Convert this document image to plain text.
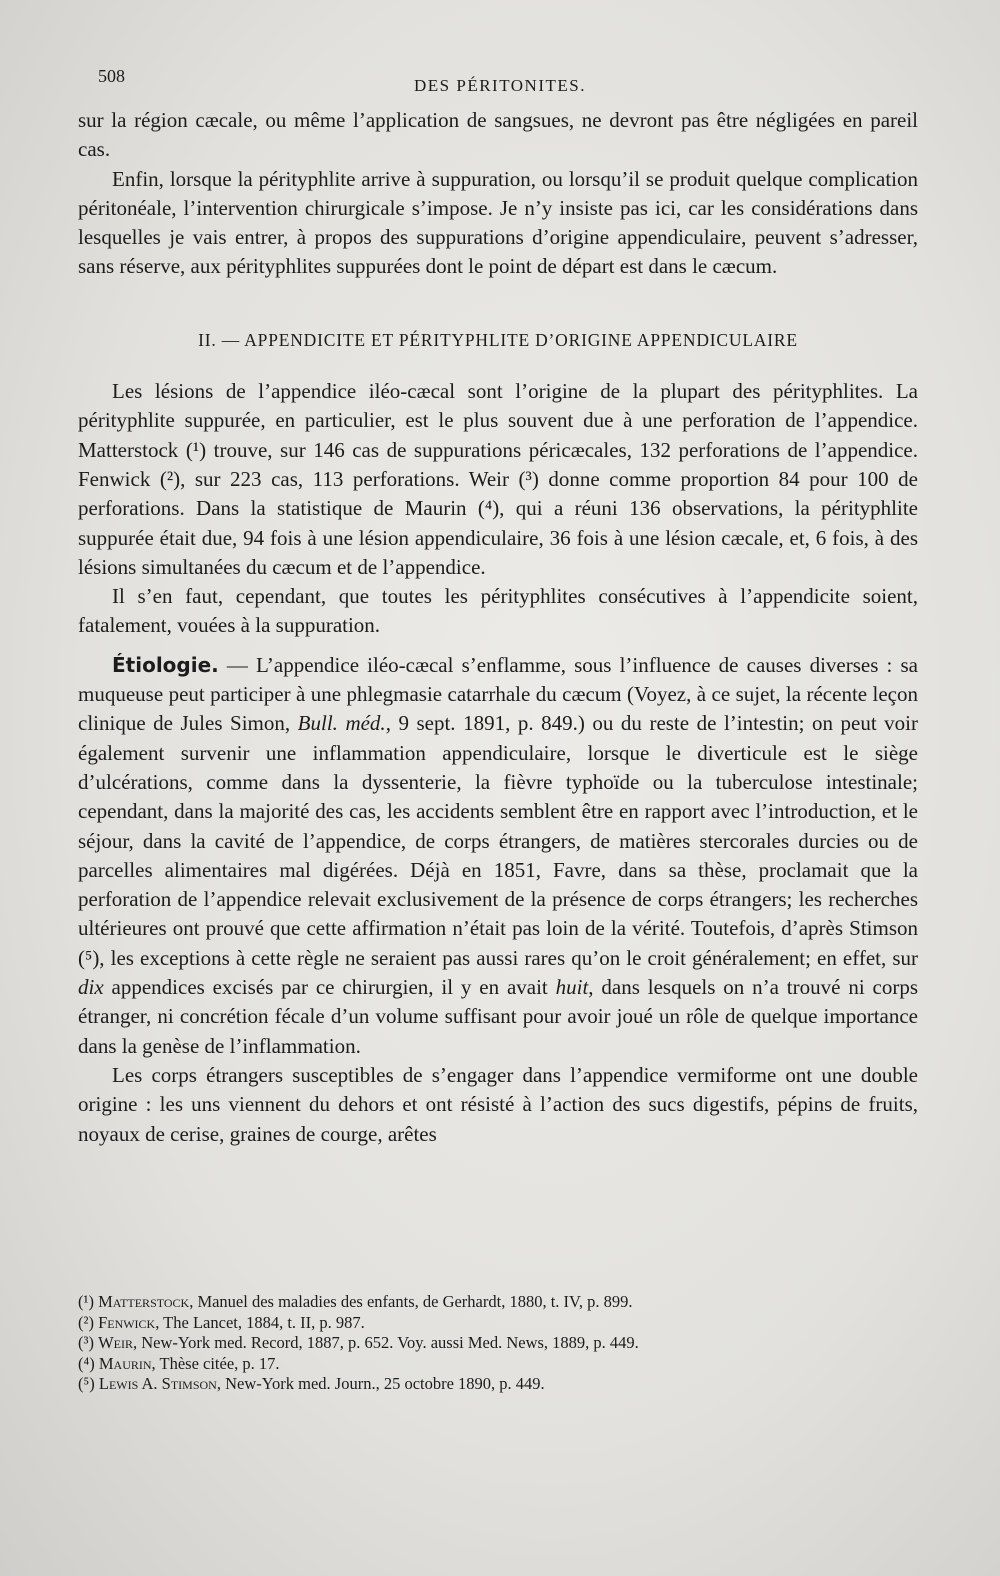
508	DES PÉRITONITES.

sur la région cæcale, ou même l’application de sangsues, ne devront pas être négligées en pareil cas.

Enfin, lorsque la pérityphlite arrive à suppuration, ou lorsqu’il se produit quelque complication péritonéale, l’intervention chirurgicale s’impose. Je n’y insiste pas ici, car les considérations dans lesquelles je vais entrer, à propos des suppurations d’origine appendiculaire, peuvent s’adresser, sans réserve, aux pérityphlites suppurées dont le point de départ est dans le cæcum.

II. — APPENDICITE ET PÉRITYPHLITE D’ORIGINE APPENDICULAIRE

Les lésions de l’appendice iléo-cæcal sont l’origine de la plupart des pérityphlites. La pérityphlite suppurée, en particulier, est le plus souvent due à une perforation de l’appendice. Matterstock (¹) trouve, sur 146 cas de suppurations péricæcales, 132 perforations de l’appendice. Fenwick (²), sur 223 cas, 113 perforations. Weir (³) donne comme proportion 84 pour 100 de perforations. Dans la statistique de Maurin (⁴), qui a réuni 136 observations, la pérityphlite suppurée était due, 94 fois à une lésion appendiculaire, 36 fois à une lésion cæcale, et, 6 fois, à des lésions simultanées du cæcum et de l’appendice.

Il s’en faut, cependant, que toutes les pérityphlites consécutives à l’appendicite soient, fatalement, vouées à la suppuration.

Étiologie. — L’appendice iléo-cæcal s’enflamme, sous l’influence de causes diverses : sa muqueuse peut participer à une phlegmasie catarrhale du cæcum (Voyez, à ce sujet, la récente leçon clinique de Jules Simon, Bull. méd., 9 sept. 1891, p. 849.) ou du reste de l’intestin; on peut voir également survenir une inflammation appendiculaire, lorsque le diverticule est le siège d’ulcérations, comme dans la dyssenterie, la fièvre typhoïde ou la tuberculose intestinale; cependant, dans la majorité des cas, les accidents semblent être en rapport avec l’introduction, et le séjour, dans la cavité de l’appendice, de corps étrangers, de matières stercorales durcies ou de parcelles alimentaires mal digérées. Déjà en 1851, Favre, dans sa thèse, proclamait que la perforation de l’appendice relevait exclusivement de la présence de corps étrangers; les recherches ultérieures ont prouvé que cette affirmation n’était pas loin de la vérité. Toutefois, d’après Stimson (⁵), les exceptions à cette règle ne seraient pas aussi rares qu’on le croit généralement; en effet, sur dix appendices excisés par ce chirurgien, il y en avait huit, dans lesquels on n’a trouvé ni corps étranger, ni concrétion fécale d’un volume suffisant pour avoir joué un rôle de quelque importance dans la genèse de l’inflammation.

Les corps étrangers susceptibles de s’engager dans l’appendice vermiforme ont une double origine : les uns viennent du dehors et ont résisté à l’action des sucs digestifs, pépins de fruits, noyaux de cerise, graines de courge, arêtes

(¹) Matterstock, Manuel des maladies des enfants, de Gerhardt, 1880, t. IV, p. 899.
(²) Fenwick, The Lancet, 1884, t. II, p. 987.
(³) Weir, New-York med. Record, 1887, p. 652. Voy. aussi Med. News, 1889, p. 449.
(⁴) Maurin, Thèse citée, p. 17.
(⁵) Lewis A. Stimson, New-York med. Journ., 25 octobre 1890, p. 449.
